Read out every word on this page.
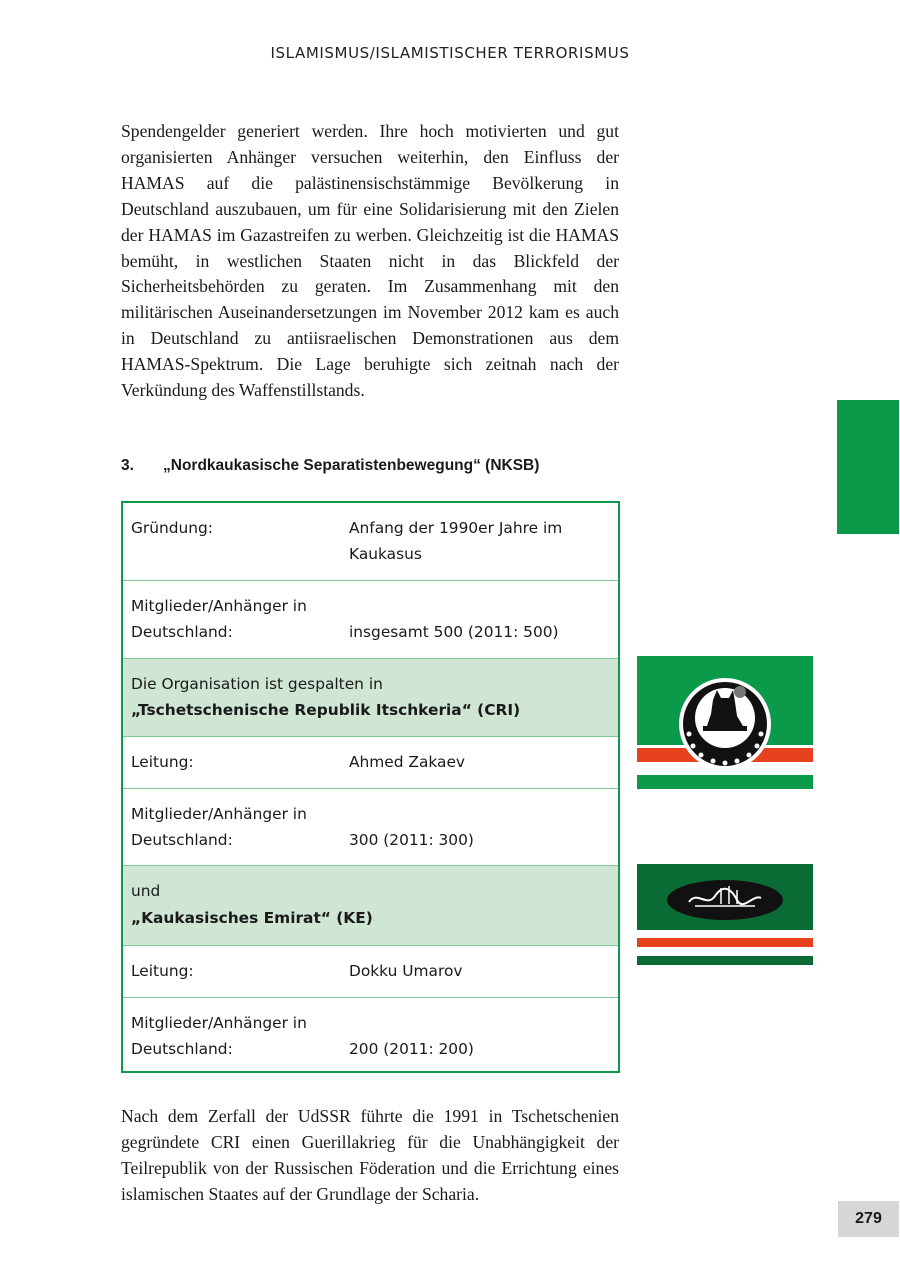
ISLAMISMUS/ISLAMISTISCHER TERRORISMUS

Spendengelder generiert werden. Ihre hoch motivierten und gut organisierten Anhänger versuchen weiterhin, den Einfluss der HAMAS auf die palästinensischstämmige Bevölkerung in Deutschland auszubauen, um für eine Solidarisierung mit den Zielen der HAMAS im Gazastreifen zu werben. Gleichzeitig ist die HAMAS bemüht, in westlichen Staaten nicht in das Blickfeld der Sicherheitsbehörden zu geraten. Im Zusammenhang mit den militärischen Auseinandersetzungen im November 2012 kam es auch in Deutschland zu antiisraelischen Demonstrationen aus dem HAMAS-Spektrum. Die Lage beruhigte sich zeitnah nach der Verkündung des Waffenstillstands.

3. „Nordkaukasische Separatistenbewegung“ (NKSB)
Gründung:	Anfang der 1990er Jahre im
Kaukasus
Mitglieder/Anhänger in
Deutschland:	insgesamt 500 (2011: 500)
Die Organisation ist gespalten in
„Tschetschenische Republik Itschkeria“ (CRI)
Leitung:	Ahmed Zakaev
Mitglieder/Anhänger in
Deutschland:	300 (2011: 300)
und
„Kaukasisches Emirat“ (KE)
Leitung:	Dokku Umarov
Mitglieder/Anhänger in
Deutschland:	200 (2011: 200)

Nach dem Zerfall der UdSSR führte die 1991 in Tschetschenien gegründete CRI einen Guerillakrieg für die Unabhängigkeit der Teilrepublik von der Russischen Föderation und die Errichtung eines islamischen Staates auf der Grundlage der Scharia.

279
